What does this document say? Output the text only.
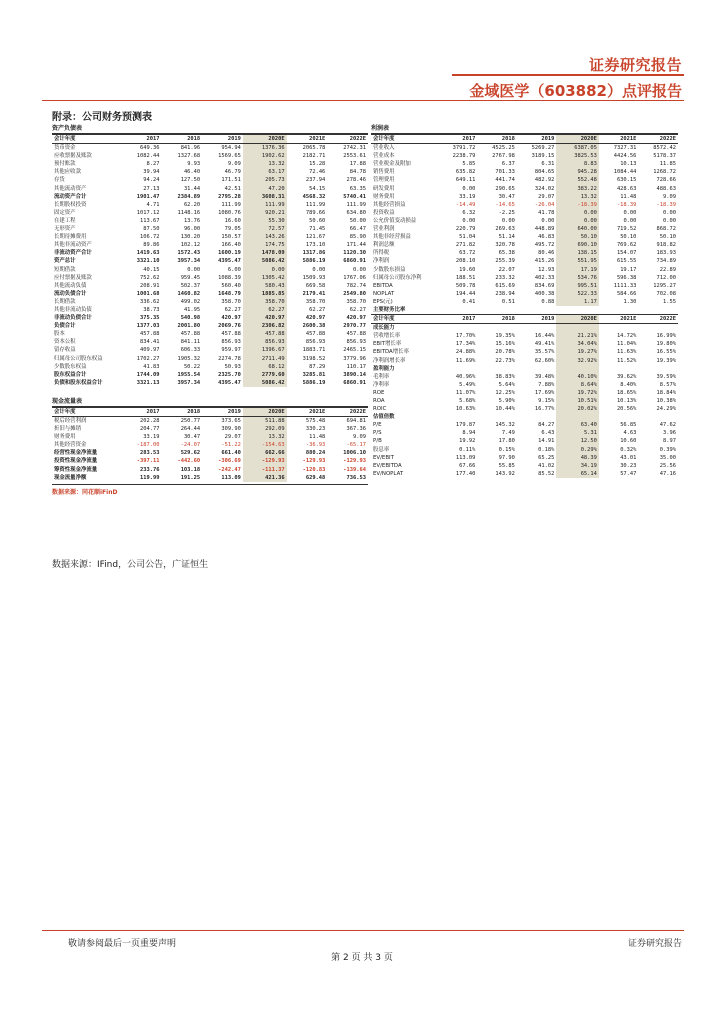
证券研究报告
金域医学（603882）点评报告
附录：公司财务预测表
资产负债表
会计年度	2017	2018	2019	2020E	2021E	2022E
货币资金	649.36	841.96	954.94	1376.36	2065.78	2742.31
应收票据及账款	1082.44	1327.68	1569.65	1902.62	2182.71	2553.61
预付账款	8.27	9.93	9.09	13.32	15.28	17.88
其他应收款	39.94	46.40	46.79	63.17	72.46	84.78
存货	94.24	127.50	171.51	205.73	237.94	278.46
其他流动资产	27.13	31.44	42.51	47.20	54.15	63.35
流动资产合计	1901.47	2384.89	2795.28	3608.31	4568.32	5740.41
长期股权投资	4.71	62.20	111.99	111.99	111.99	111.99
固定资产	1017.12	1148.16	1080.76	920.21	789.66	634.80
在建工程	113.67	13.76	16.60	55.30	50.60	50.00
无形资产	87.50	96.00	79.05	72.57	71.45	66.47
长期待摊费用	106.72	130.20	150.57	143.26	121.67	85.90
其他非流动资产	89.86	102.12	166.40	174.75	173.10	171.44
非流动资产合计	1419.63	1572.43	1600.19	1478.09	1317.86	1120.30
资产总计	3321.10	3957.34	4395.47	5086.42	5886.19	6860.91
短期借款	40.15	0.00	6.00	0.00	0.00	0.00
应付票据及账款	752.62	959.45	1088.39	1305.42	1509.93	1767.06
其他流动负债	208.91	502.37	560.40	580.43	669.58	782.74
流动负债合计	1001.68	1460.82	1648.79	1885.85	2179.41	2549.80
长期借款	336.62	499.02	358.70	358.70	358.70	358.70
其他非流动负债	38.73	41.95	62.27	62.27	62.27	62.27
非流动负债合计	375.35	540.98	420.97	420.97	420.97	420.97
负债合计	1377.03	2001.80	2069.76	2306.82	2600.38	2970.77
股本	457.88	457.88	457.88	457.88	457.88	457.88
资本公积	834.41	841.11	856.93	856.93	856.93	856.93
留存收益	409.97	606.33	959.97	1396.67	1883.71	2465.15
归属母公司股东权益	1702.27	1905.32	2274.78	2711.49	3198.52	3779.96
少数股东权益	41.83	50.22	50.93	68.12	87.29	110.17
股东权益合计	1744.09	1955.54	2325.70	2779.60	3285.81	3890.14
负债和股东权益合计	3321.13	3957.34	4395.47	5086.42	5886.19	6860.91
现金流量表
会计年度	2017	2018	2019	2020E	2021E	2022E
税后经营利润	202.28	250.77	373.65	511.88	575.48	694.81
折旧与摊销	204.77	264.44	309.90	292.09	330.23	367.36
财务费用	33.19	30.47	29.07	13.32	11.48	9.09
其他经营资金	-187.00	-24.07	-51.22	-154.63	-36.93	-65.17
经营性现金净流量	283.53	529.62	661.40	662.66	880.24	1006.10
投资性现金净流量	-397.11	-442.60	-306.69	-129.93	-129.93	-129.93
筹资性现金净流量	233.76	103.18	-242.47	-111.37	-120.83	-139.64
现金流量净额	119.99	191.25	113.09	421.36	629.48	736.53
数据来源：同花顺iFinD
利润表
会计年度	2017	2018	2019	2020E	2021E	2022E
营业收入	3791.72	4525.25	5269.27	6387.05	7327.31	8572.42
营业成本	2238.79	2767.98	3189.15	3825.53	4424.56	5178.37
营业税金及附加	5.85	6.37	6.31	8.83	10.13	11.85
销售费用	635.82	701.33	804.65	945.28	1084.44	1268.72
管理费用	649.11	441.74	482.92	552.48	630.15	728.66
研发费用	0.00	290.65	324.02	383.22	428.63	488.63
财务费用	33.19	30.47	29.07	13.32	11.48	9.09
其他经营损益	-14.49	-14.65	-26.04	-18.39	-18.39	-18.39
投资收益	6.32	-2.25	41.78	0.00	0.00	0.00
公允价值变动损益	0.00	0.00	0.00	0.00	0.00	0.00
营业利润	220.79	269.63	448.89	640.00	719.52	868.72
其他非经营损益	51.04	51.14	46.83	50.10	50.10	50.10
利润总额	271.82	320.78	495.72	690.10	769.62	918.82
所得税	63.72	65.38	80.46	138.15	154.07	183.93
净利润	208.10	255.39	415.26	551.95	615.55	734.89
少数股东损益	19.60	22.07	12.93	17.19	19.17	22.89
归属母公司股东净利	188.51	233.32	402.33	534.76	596.38	712.00
EBITDA	509.78	615.69	834.69	995.51	1111.33	1295.27
NOPLAT	194.44	238.94	400.38	522.33	584.66	702.08
EPS(元)	0.41	0.51	0.88	1.17	1.30	1.55
主要财务比率						
会计年度	2017	2018	2019	2020E	2021E	2022E
成长能力						
营收增长率	17.70%	19.35%	16.44%	21.21%	14.72%	16.99%
EBIT增长率	17.34%	15.16%	49.41%	34.04%	11.04%	19.80%
EBITDA增长率	24.88%	20.78%	35.57%	19.27%	11.63%	16.55%
净利润增长率	11.69%	22.73%	62.60%	32.92%	11.52%	19.39%
盈利能力						
毛利率	40.96%	38.83%	39.48%	40.10%	39.62%	39.59%
净利率	5.49%	5.64%	7.88%	8.64%	8.40%	8.57%
ROE	11.07%	12.25%	17.69%	19.72%	18.65%	18.84%
ROA	5.68%	5.90%	9.15%	10.51%	10.13%	10.38%
ROIC	10.63%	10.44%	16.77%	20.02%	20.56%	24.29%
估值倍数						
P/E	179.87	145.32	84.27	63.40	56.85	47.62
P/S	8.94	7.49	6.43	5.31	4.63	3.96
P/B	19.92	17.80	14.91	12.50	10.60	8.97
股息率	0.11%	0.15%	0.18%	0.29%	0.32%	0.39%
EV/EBIT	113.09	97.90	65.25	48.39	43.01	35.00
EV/EBITDA	67.66	55.85	41.02	34.19	30.23	25.56
EV/NOPLAT	177.40	143.92	85.52	65.14	57.47	47.16
数据来源：IFind，公司公告，广证恒生
敬请参阅最后一页重要声明	证券研究报告
第 2 页 共 3 页
